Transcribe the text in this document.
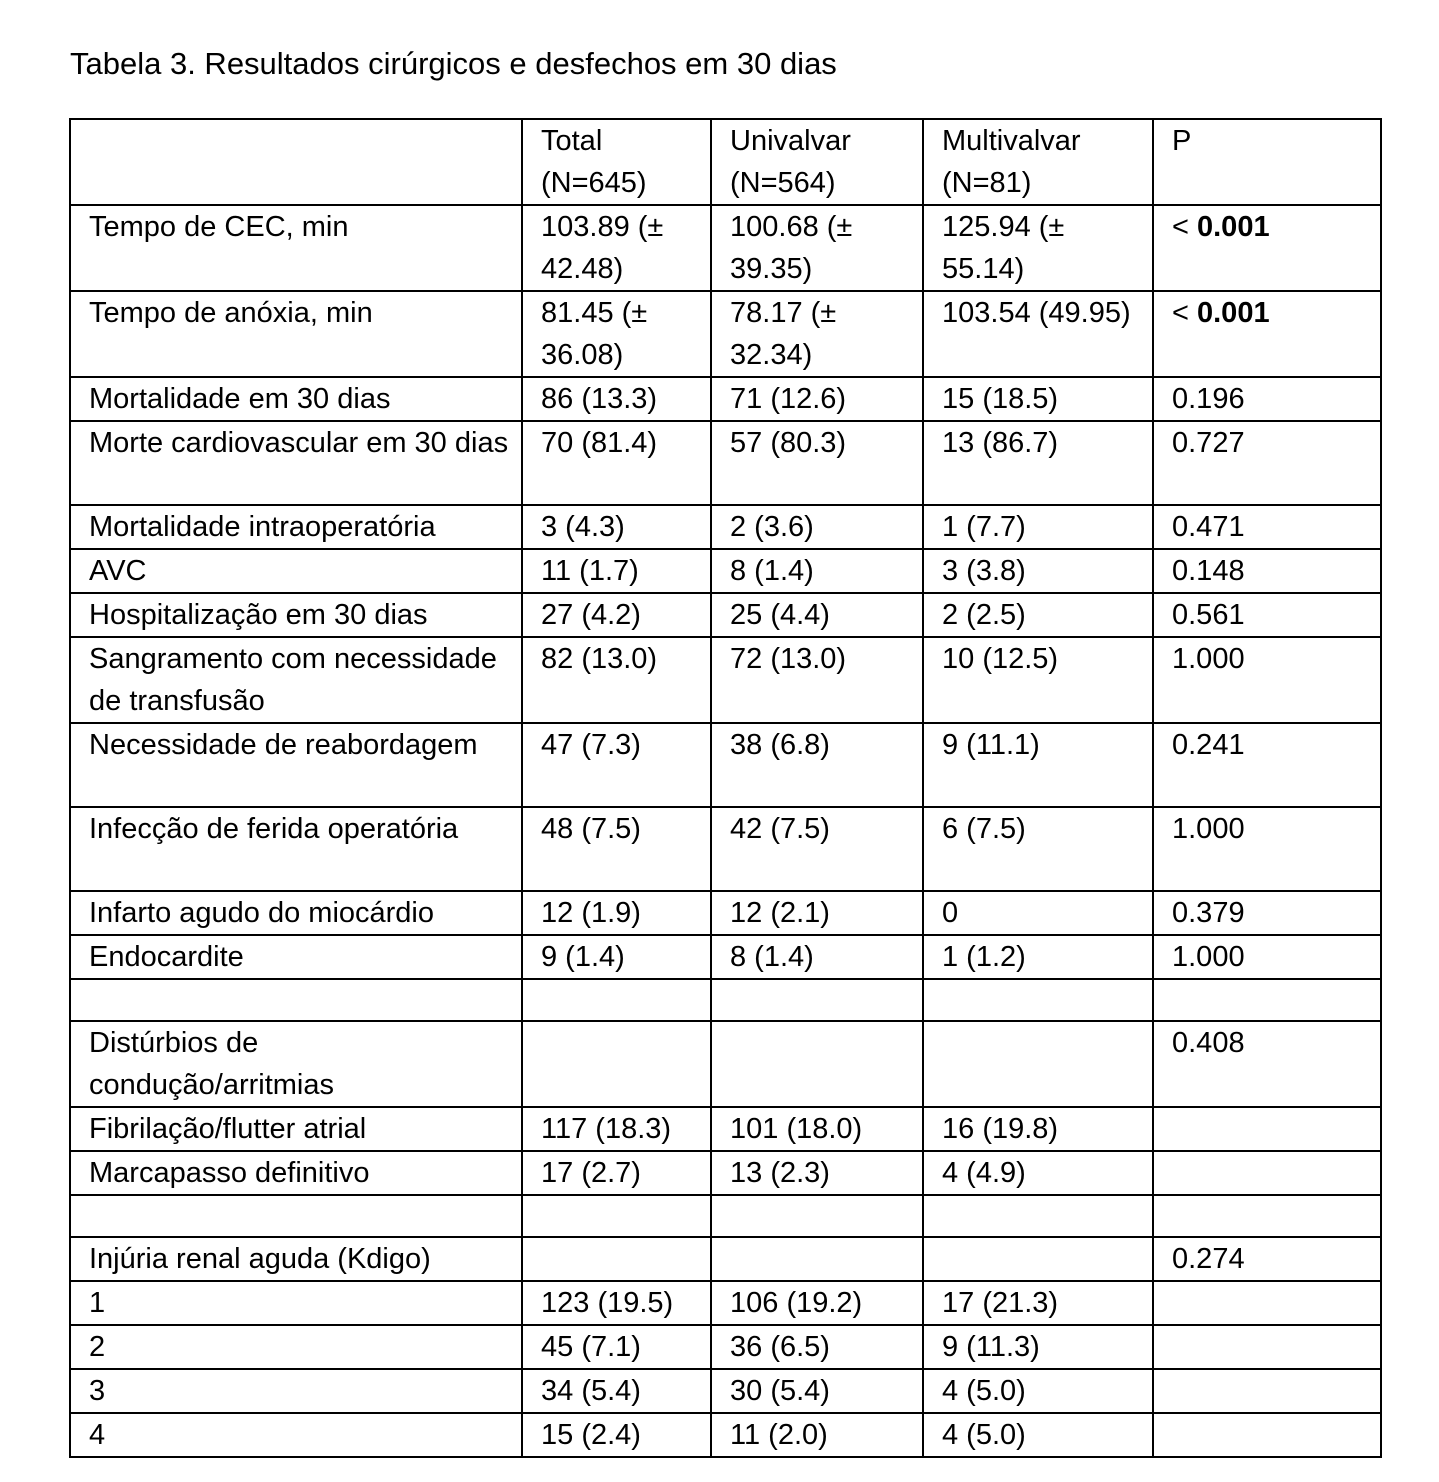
Tabela 3. Resultados cirúrgicos e desfechos em 30 dias
	Total (N=645)	Univalvar (N=564)	Multivalvar (N=81)	P
Tempo de CEC, min	103.89 (± 42.48)	100.68 (± 39.35)	125.94 (± 55.14)	< 0.001
Tempo de anóxia, min	81.45 (± 36.08)	78.17 (± 32.34)	103.54 (49.95)	< 0.001
Mortalidade em 30 dias	86 (13.3)	71 (12.6)	15 (18.5)	0.196
Morte cardiovascular em 30 dias	70 (81.4)	57 (80.3)	13 (86.7)	0.727
Mortalidade intraoperatória	3 (4.3)	2 (3.6)	1 (7.7)	0.471
AVC	11 (1.7)	8 (1.4)	3 (3.8)	0.148
Hospitalização em 30 dias	27 (4.2)	25 (4.4)	2 (2.5)	0.561
Sangramento com necessidade de transfusão	82 (13.0)	72 (13.0)	10 (12.5)	1.000
Necessidade de reabordagem	47 (7.3)	38 (6.8)	9 (11.1)	0.241
Infecção de ferida operatória	48 (7.5)	42 (7.5)	6 (7.5)	1.000
Infarto agudo do miocárdio	12 (1.9)	12 (2.1)	0	0.379
Endocardite	9 (1.4)	8 (1.4)	1 (1.2)	1.000

Distúrbios de condução/arritmias				0.408
Fibrilação/flutter atrial	117 (18.3)	101 (18.0)	16 (19.8)	
Marcapasso definitivo	17 (2.7)	13 (2.3)	4 (4.9)	

Injúria renal aguda (Kdigo)				0.274
1	123 (19.5)	106 (19.2)	17 (21.3)	
2	45 (7.1)	36 (6.5)	9 (11.3)	
3	34 (5.4)	30 (5.4)	4 (5.0)	
4	15 (2.4)	11 (2.0)	4 (5.0)	
